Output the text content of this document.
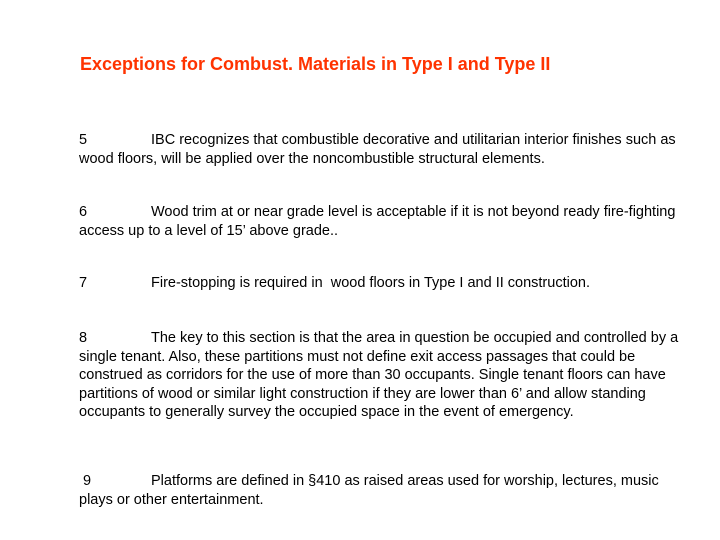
Exceptions for Combust. Materials in Type I and Type II
5	IBC recognizes that combustible decorative and utilitarian interior finishes such as wood floors, will be applied over the noncombustible structural elements.
6	Wood trim at or near grade level is acceptable if it is not beyond ready fire-fighting access up to a level of 15’ above grade..
7	Fire-stopping is required in  wood floors in Type I and II construction.
8	The key to this section is that the area in question be occupied and controlled by a single tenant. Also, these partitions must not define exit access passages that could be construed as corridors for the use of more than 30 occupants. Single tenant floors can have partitions of wood or similar light construction if they are lower than 6’ and allow standing occupants to generally survey the occupied space in the event of emergency.
9	Platforms are defined in §410 as raised areas used for worship, lectures, music plays or other entertainment.
